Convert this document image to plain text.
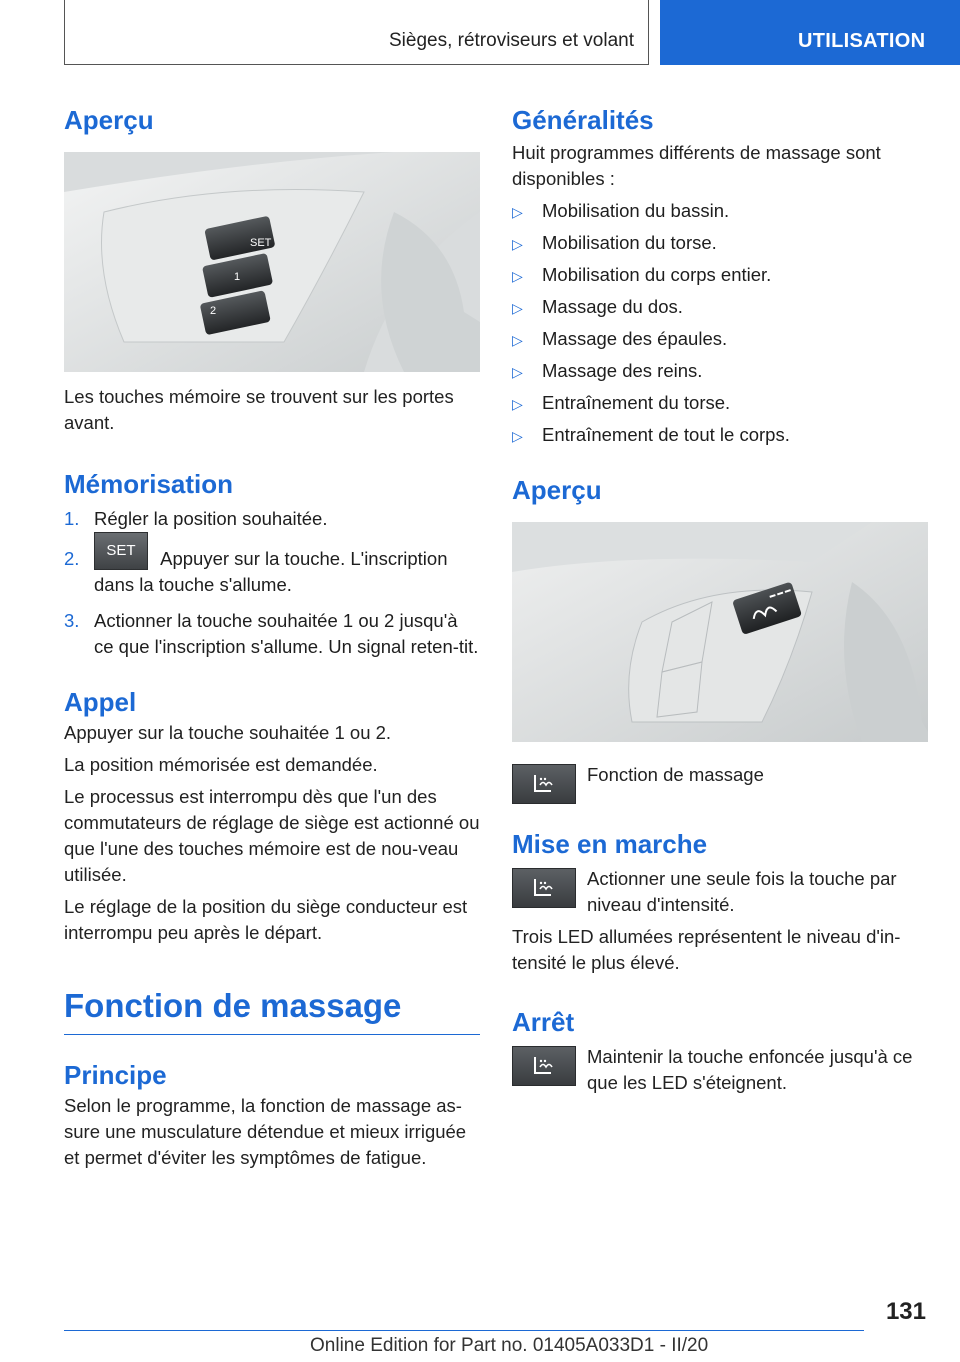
Sièges, rétroviseurs et volant	UTILISATION
Aperçu
SET
1
2

Les touches mémoire se trouvent sur les portes avant.

Mémorisation
1. Régler la position souhaitée.
2. SET Appuyer sur la touche. L'inscription dans la touche s'allume.
3. Actionner la touche souhaitée 1 ou 2 jusqu'à ce que l'inscription s'allume. Un signal reten-tit.
Appel

Appuyer sur la touche souhaitée 1 ou 2.

La position mémorisée est demandée.

Le processus est interrompu dès que l'un des commutateurs de réglage de siège est actionné ou que l'une des touches mémoire est de nou-veau utilisée.

Le réglage de la position du siège conducteur est interrompu peu après le départ.

Fonction de massage
Principe

Selon le programme, la fonction de massage as-sure une musculature détendue et mieux irriguée et permet d'éviter les symptômes de fatigue.

Généralités

Huit programmes différents de massage sont disponibles :

▷ Mobilisation du bassin.
▷ Mobilisation du torse.
▷ Mobilisation du corps entier.
▷ Massage du dos.
▷ Massage des épaules.
▷ Massage des reins.
▷ Entraînement du torse.
▷ Entraînement de tout le corps.
Aperçu

Fonction de massage

Mise en marche

Actionner une seule fois la touche par niveau d'intensité.

Trois LED allumées représentent le niveau d'in-tensité le plus élevé.

Arrêt

Maintenir la touche enfoncée jusqu'à ce que les LED s'éteignent.

131
Online Edition for Part no. 01405A033D1 - II/20
